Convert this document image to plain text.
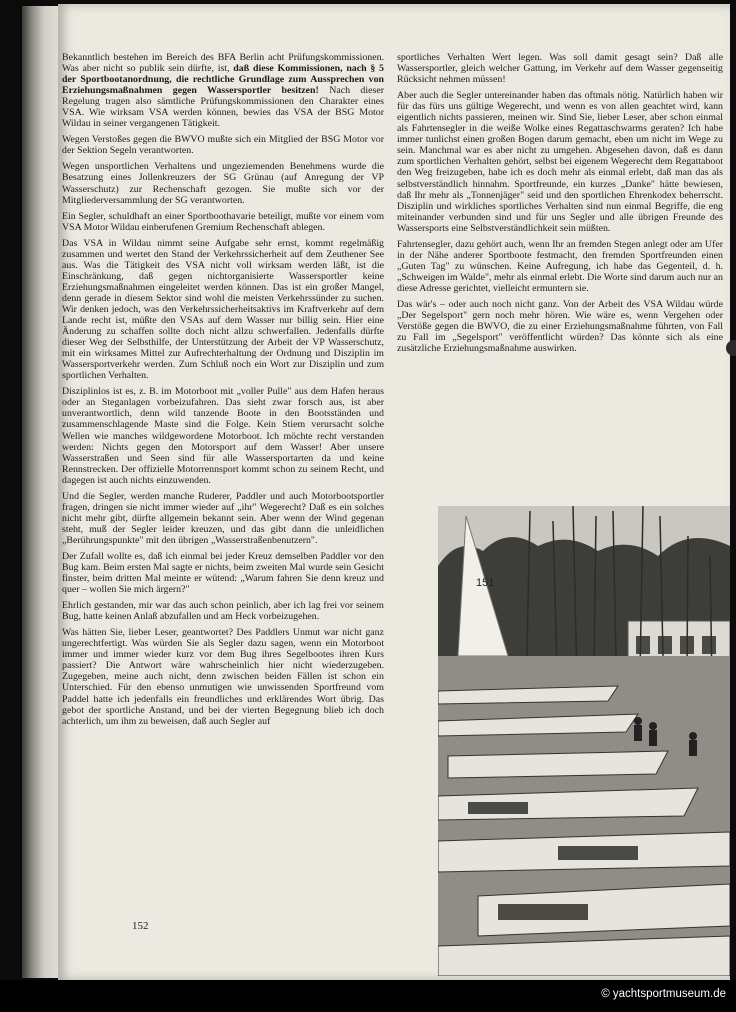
Bekanntlich bestehen im Bereich des BFA Berlin acht Prüfungskommissionen. Was aber nicht so publik sein dürfte, ist, daß diese Kommissionen, nach § 5 der Sportbootanordnung, die rechtliche Grundlage zum Aussprechen von Erziehungsmaßnahmen gegen Wassersportler besitzen! Nach dieser Regelung tragen also sämtliche Prüfungskommissionen den Charakter eines VSA. Wie wirksam VSA werden können, bewies das VSA der BSG Motor Wildau in seiner vergangenen Tätigkeit.

Wegen Verstoßes gegen die BWVO mußte sich ein Mitglied der BSG Motor vor der Sektion Segeln verantworten.

Wegen unsportlichen Verhaltens und ungeziemenden Benehmens wurde die Besatzung eines Jollenkreuzers der SG Grünau (auf Anregung der VP Wasserschutz) zur Rechenschaft gezogen. Sie mußte sich vor der Mitgliederversammlung der SG verantworten.

Ein Segler, schuldhaft an einer Sportboothavarie beteiligt, mußte vor einem vom VSA Motor Wildau einberufenen Gremium Rechenschaft ablegen.

Das VSA in Wildau nimmt seine Aufgabe sehr ernst, kommt regelmäßig zusammen und wertet den Stand der Verkehrssicherheit auf dem Zeuthener See aus. Was die Tätigkeit des VSA nicht voll wirksam werden läßt, ist die Einschränkung, daß gegen nichtorganisierte Wassersportler keine Erziehungsmaßnahmen eingeleitet werden können. Das ist ein großer Mangel, denn gerade in diesem Sektor sind wohl die meisten Verkehrssünder zu suchen. Wir denken jedoch, was den Verkehrssicherheitsaktivs im Kraftverkehr auf dem Lande recht ist, müßte den VSAs auf dem Wasser nur billig sein. Hier eine Änderung zu schaffen sollte doch nicht allzu schwerfallen. Jedenfalls dürfte dieser Weg der Selbsthilfe, der Unterstützung der Arbeit der VP Wasserschutz, mit ein wirksames Mittel zur Aufrechterhaltung der Ordnung und Disziplin im Wassersportverkehr werden. Zum Schluß noch ein Wort zur Disziplin und zum sportlichen Verhalten.

Disziplinlos ist es, z. B. im Motorboot mit „voller Pulle" aus dem Hafen heraus oder an Steganlagen vorbeizufahren. Das sieht zwar forsch aus, ist aber unverantwortlich, denn wild tanzende Boote in den Bootsständen und zusammenschlagende Maste sind die Folge. Kein Stiem verursacht solche Wellen wie manches wildgewordene Motorboot. Ich möchte recht verstanden werden: Nichts gegen den Motorsport auf dem Wasser! Aber unsere Wasserstraßen und Seen sind für alle Wassersportarten da und keine Rennstrecken. Der offizielle Motorrennsport kommt schon zu seinem Recht, und dagegen ist auch nichts einzuwenden.

Und die Segler, werden manche Ruderer, Paddler und auch Motorbootsportler fragen, dringen sie nicht immer wieder auf „ihr" Wegerecht? Daß es ein solches nicht mehr gibt, dürfte allgemein bekannt sein. Aber wenn der Wind gegenan steht, muß der Segler leider kreuzen, und das gibt dann die unleidlichen „Berührungspunkte" mit den übrigen „Wasserstraßenbenutzern".

Der Zufall wollte es, daß ich einmal bei jeder Kreuz demselben Paddler vor den Bug kam. Beim ersten Mal sagte er nichts, beim zweiten Mal wurde sein Gesicht finster, beim dritten Mal meinte er wütend: „Warum fahren Sie denn kreuz und quer – wollen Sie mich ärgern?"

Ehrlich gestanden, mir war das auch schon peinlich, aber ich lag frei vor seinem Bug, hatte keinen Anlaß abzufallen und am Heck vorbeizugehen.

Was hätten Sie, lieber Leser, geantwortet? Des Paddlers Unmut war nicht ganz ungerechtfertigt. Was würden Sie als Segler dazu sagen, wenn ein Motorboot immer und immer wieder kurz vor dem Bug ihres Segelbootes ihren Kurs passiert? Die Antwort wäre wahrscheinlich hier nicht wiederzugeben. Zugegeben, meine auch nicht, denn zwischen beiden Fällen ist schon ein Unterschied. Für den ebenso unmutigen wie unwissenden Sportfreund vom Paddel hatte ich jedenfalls ein freundliches und erklärendes Wort übrig. Das gebot der sportliche Anstand, und bei der vierten Begegnung blieb ich doch achterlich, um ihm zu beweisen, daß auch Segler auf

sportliches Verhalten Wert legen. Was soll damit gesagt sein? Daß alle Wassersportler, gleich welcher Gattung, im Verkehr auf dem Wasser gegenseitig Rücksicht nehmen müssen!

Aber auch die Segler untereinander haben das oftmals nötig. Natürlich haben wir für das fürs uns gültige Wegerecht, und wenn es von allen geachtet wird, kann eigentlich nichts passieren, meinen wir. Sind Sie, lieber Leser, aber schon einmal als Fahrtensegler in die weiße Wolke eines Regattaschwarms geraten? Ich habe immer tunlichst einen großen Bogen darum gemacht, eben um nicht im Wege zu sein. Manchmal war es aber nicht zu umgehen. Abgesehen davon, daß es dann zum sportlichen Verhalten gehört, selbst bei eigenem Wegerecht dem Regattaboot den Weg freizugeben, habe ich es doch mehr als einmal erlebt, daß man das als selbstverständlich hinnahm. Sportfreunde, ein kurzes „Danke" hätte bewiesen, daß Ihr mehr als „Tonnenjäger" seid und den sportlichen Ehrenkodex beherrscht. Disziplin und wirkliches sportliches Verhalten sind nun einmal Begriffe, die eng miteinander verbunden sind und für uns Segler und alle übrigen Freunde des Wassersports eine Selbstverständlichkeit sein müßten.

Fahrtensegler, dazu gehört auch, wenn Ihr an fremden Stegen anlegt oder am Ufer in der Nähe anderer Sportboote festmacht, den fremden Sportfreunden einen „Guten Tag" zu wünschen. Keine Aufregung, ich habe das Gegenteil, d. h. „Schweigen im Walde", mehr als einmal erlebt. Die Worte sind darum auch nur an diese Adresse gerichtet, vielleicht ermuntern sie.

Das wär's – oder auch noch nicht ganz. Von der Arbeit des VSA Wildau würde „Der Segelsport" gern noch mehr hören. Wie wäre es, wenn Vergehen oder Verstöße gegen die BWVO, die zu einer Erziehungsmaßnahme führten, von Fall zu Fall im „Segelsport" veröffentlicht würden? Das könnte sich als eine zusätzliche Erziehungsmaßnahme auswirken.

151
152
© yachtsportmuseum.de
